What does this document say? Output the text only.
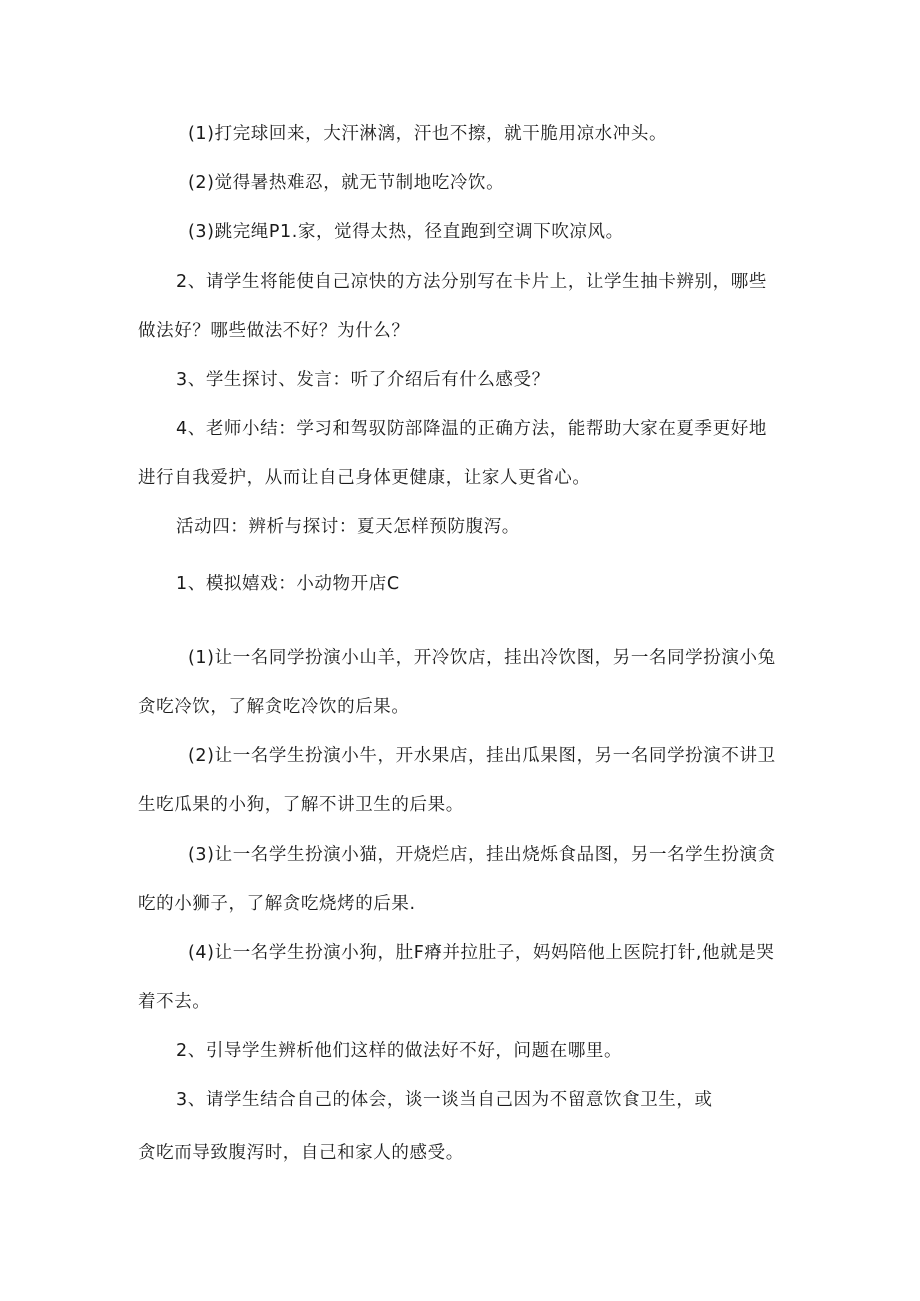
(1)打完球回来，大汗淋漓，汗也不擦，就干脆用凉水冲头。

(2)觉得暑热难忍，就无节制地吃冷饮。

(3)跳完绳P1.家，觉得太热，径直跑到空调下吹凉风。

2、请学生将能使自己凉快的方法分别写在卡片上，让学生抽卡辨别，哪些

做法好？哪些做法不好？为什么？

3、学生探讨、发言：听了介绍后有什么感受？

4、老师小结：学习和驾驭防部降温的正确方法，能帮助大家在夏季更好地

进行自我爱护，从而让自己身体更健康，让家人更省心。

活动四：辨析与探讨：夏天怎样预防腹泻。

1、模拟嬉戏：小动物开店C

(1)让一名同学扮演小山羊，开冷饮店，挂出冷饮图，另一名同学扮演小兔

贪吃冷饮，了解贪吃冷饮的后果。

(2)让一名学生扮演小牛，开水果店，挂出瓜果图，另一名同学扮演不讲卫

生吃瓜果的小狗，了解不讲卫生的后果。

(3)让一名学生扮演小猫，开烧烂店，挂出烧烁食品图，另一名学生扮演贪

吃的小狮子，了解贪吃烧烤的后果.

(4)让一名学生扮演小狗，肚F瘠并拉肚子，妈妈陪他上医院打针,他就是哭

着不去。

2、引导学生辨析他们这样的做法好不好，问题在哪里。

3、请学生结合自己的体会，谈一谈当自己因为不留意饮食卫生，或

贪吃而导致腹泻时，自己和家人的感受。
